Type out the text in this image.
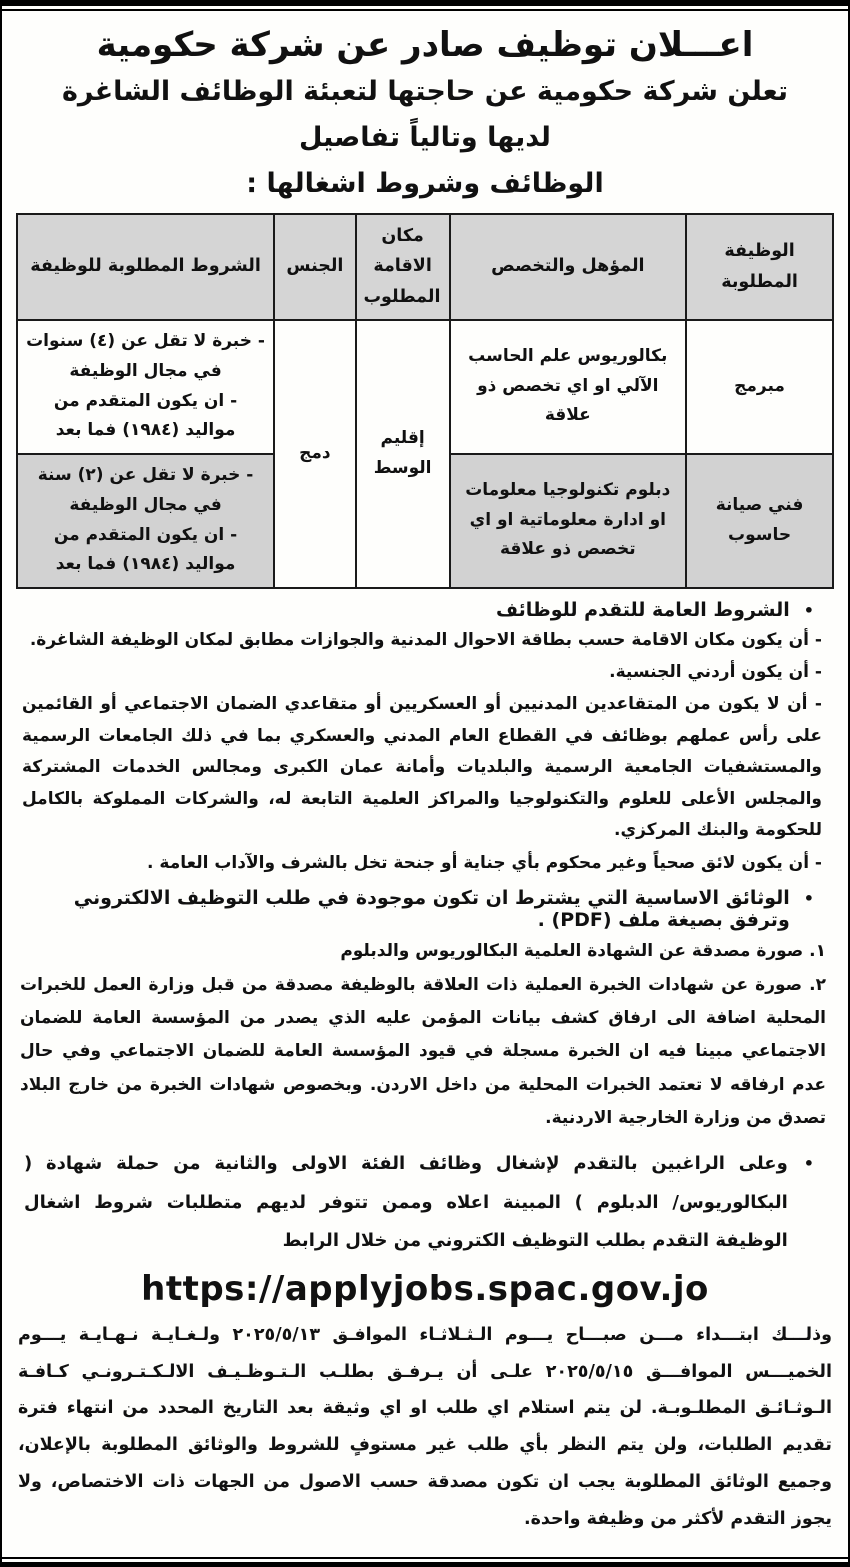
اعـــلان توظيف صادر عن شركة حكومية
تعلن شركة حكومية عن حاجتها لتعبئة الوظائف الشاغرة لديها وتالياً تفاصيل
الوظائف وشروط اشغالها :
الوظيفة المطلوبة	المؤهل والتخصص	مكان الاقامة المطلوب	الجنس	الشروط المطلوبة للوظيفة
مبرمج	بكالوريوس علم الحاسب الآلي او اي تخصص ذو علاقة	إقليم الوسط	دمج	- خبرة لا تقل عن (٤) سنوات في مجال الوظيفة
- ان يكون المتقدم من مواليد (١٩٨٤) فما بعد

فني صيانة حاسوب	دبلوم تكنولوجيا معلومات او ادارة معلوماتية او اي تخصص ذو علاقة			- خبرة لا تقل عن (٢) سنة في مجال الوظيفة
- ان يكون المتقدم من مواليد (١٩٨٤) فما بعد
•
الشروط العامة للتقدم للوظائف
- أن يكون مكان الاقامة حسب بطاقة الاحوال المدنية والجوازات مطابق لمكان الوظيفة الشاغرة.
- أن يكون أردني الجنسية.
- أن لا يكون من المتقاعدين المدنيين أو العسكريين أو متقاعدي الضمان الاجتماعي أو القائمين على رأس عملهم بوظائف في القطاع العام المدني والعسكري بما في ذلك الجامعات الرسمية والمستشفيات الجامعية الرسمية والبلديات وأمانة عمان الكبرى ومجالس الخدمات المشتركة والمجلس الأعلى للعلوم والتكنولوجيا والمراكز العلمية التابعة له، والشركات المملوكة بالكامل للحكومة والبنك المركزي.
- أن يكون لائق صحياً وغير محكوم بأي جناية أو جنحة تخل بالشرف والآداب العامة .
•
الوثائق الاساسية التي يشترط ان تكون موجودة في طلب التوظيف الالكتروني وترفق بصيغة ملف (PDF) .
١. صورة مصدقة عن الشهادة العلمية البكالوريوس والدبلوم
٢. صورة عن شهادات الخبرة العملية ذات العلاقة بالوظيفة مصدقة من قبل وزارة العمل للخبرات المحلية اضافة الى ارفاق كشف بيانات المؤمن عليه الذي يصدر من المؤسسة العامة للضمان الاجتماعي مبينا فيه ان الخبرة مسجلة في قيود المؤسسة العامة للضمان الاجتماعي وفي حال عدم ارفاقه لا تعتمد الخبرات المحلية من داخل الاردن. وبخصوص شهادات الخبرة من خارج البلاد تصدق من وزارة الخارجية الاردنية.
•
وعلى الراغبين بالتقدم لإشغال وظائف الفئة الاولى والثانية من حملة شهادة ( البكالوريوس/ الدبلوم ) المبينة اعلاه وممن تتوفر لديهم متطلبات شروط اشغال الوظيفة التقدم بطلب التوظيف الكتروني من خلال الرابط
https://applyjobs.spac.gov.jo
وذلـــك ابتـــداء مـــن صبـــاح يـــوم الـثـلاثـاء الموافـق ٢٠٢٥/٥/١٣ ولـغـايـة نـهـايـة يـــوم الخميـــس الموافـــق ٢٠٢٥/٥/١٥ علـى أن يـرفـق بطلـب الـتـوظـيـف الالـكـتـرونـي كـافـة الـوثـائـق المطلـوبـة. لن يتم استلام اي طلب او اي وثيقة بعد التاريخ المحدد من انتهاء فترة تقديم الطلبات، ولن يتم النظر بأي طلب غير مستوفٍ للشروط والوثائق المطلوبة بالإعلان، وجميع الوثائق المطلوبة يجب ان تكون مصدقة حسب الاصول من الجهات ذات الاختصاص، ولا يجوز التقدم لأكثر من وظيفة واحدة.
